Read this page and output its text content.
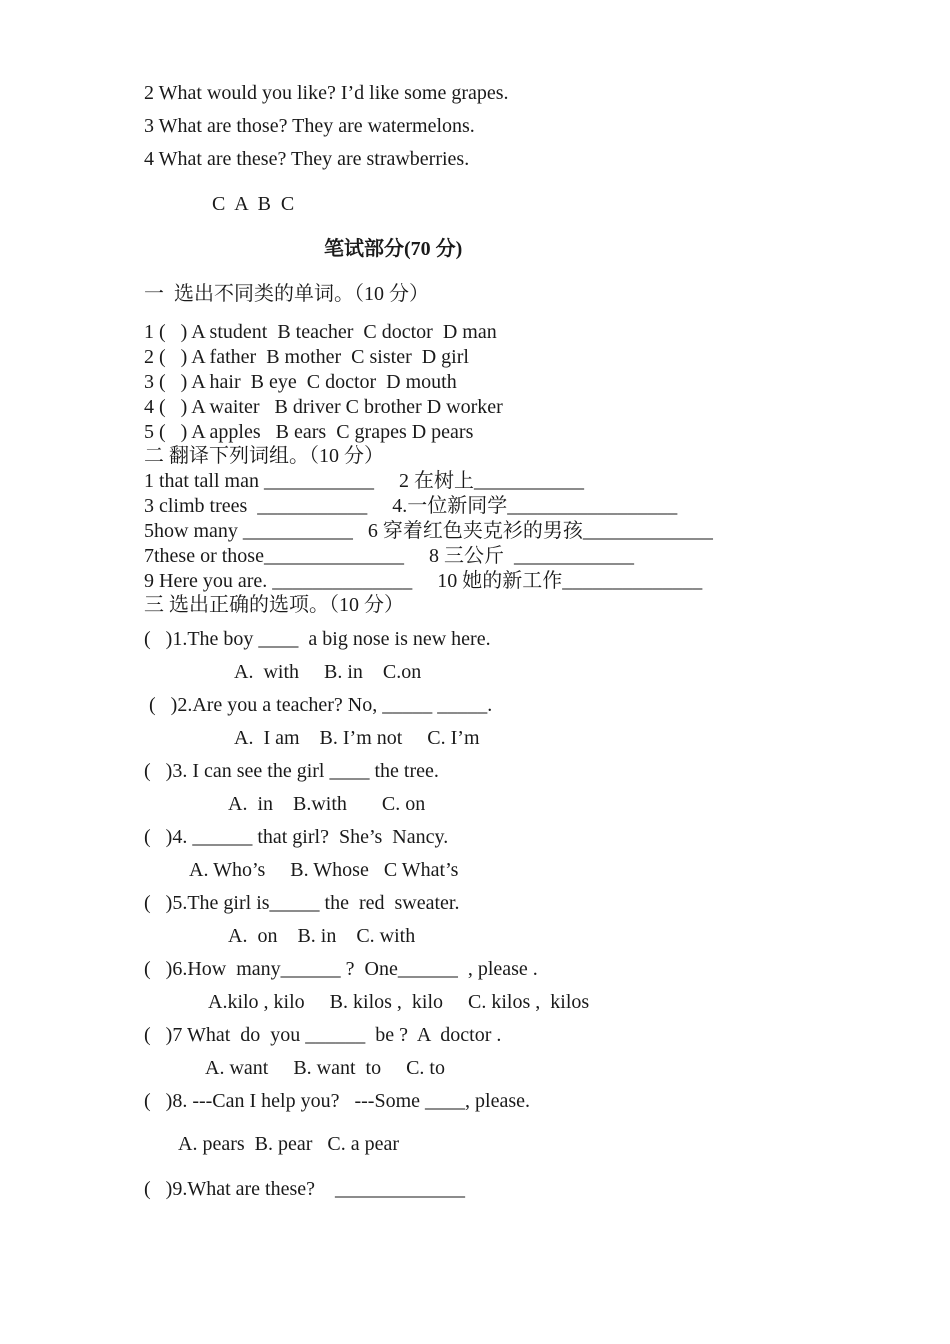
2 What would you like? I’d like some grapes.
3 What are those? They are watermelons.
4 What are these? They are strawberries.
C  A  B  C
笔试部分(70 分)
一  选出不同类的单词。（10 分）
1 (   ) A student  B teacher  C doctor  D man
2 (   ) A father  B mother  C sister  D girl
3 (   ) A hair  B eye  C doctor  D mouth
4 (   ) A waiter   B driver C brother D worker
5 (   ) A apples   B ears  C grapes D pears
二 翻译下列词组。（10 分）
1 that tall man ___________     2 在树上___________
3 climb trees  ___________     4.一位新同学_________________
5how many ___________   6 穿着红色夹克衫的男孩_____________
7these or those______________     8 三公斤  ____________
9 Here you are. ______________     10 她的新工作______________
三 选出正确的选项。（10 分）
(   )1.The boy ____  a big nose is new here.
A.  with     B. in    C.on
(   )2.Are you a teacher? No, _____ _____.
A.  I am    B. I’m not     C. I’m
(   )3. I can see the girl ____ the tree.
A.  in    B.with       C. on
(   )4. ______ that girl?  She’s  Nancy.
A. Who’s     B. Whose   C What’s
(   )5.The girl is_____ the  red  sweater.
A.  on    B. in    C. with
(   )6.How  many______ ?  One______  , please .
A.kilo , kilo     B. kilos ,  kilo     C. kilos ,  kilos
(   )7 What  do  you ______  be ?  A  doctor .
A. want     B. want  to     C. to
(   )8. ---Can I help you?   ---Some ____, please.
A. pears  B. pear   C. a pear
(   )9.What are these?    _____________
